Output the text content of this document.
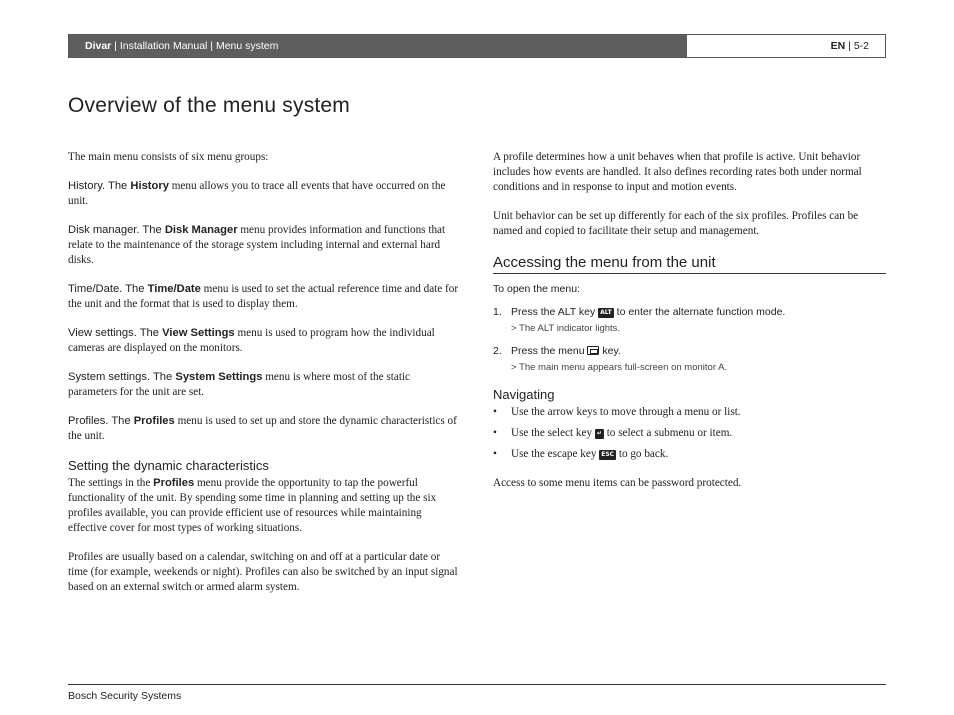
Divar | Installation Manual | Menu system	EN | 5-2
Overview of the menu system

The main menu consists of six menu groups:

History. The History menu allows you to trace all events that have occurred on the unit.

Disk manager. The Disk Manager menu provides information and functions that relate to the maintenance of the storage system including internal and external hard disks.

Time/Date. The Time/Date menu is used to set the actual reference time and date for the unit and the format that is used to display them.

View settings. The View Settings menu is used to program how the individual cameras are displayed on the monitors.

System settings. The System Settings menu is where most of the static parameters for the unit are set.

Profiles. The Profiles menu is used to set up and store the dynamic characteristics of the unit.

Setting the dynamic characteristics

The settings in the Profiles menu provide the opportunity to tap the powerful functionality of the unit. By spending some time in planning and setting up the six profiles available, you can provide efficient use of resources while maintaining effective cover for most types of working situations.

Profiles are usually based on a calendar, switching on and off at a particular date or time (for example, weekends or night). Profiles can also be switched by an input signal based on an external switch or armed alarm system.

A profile determines how a unit behaves when that profile is active. Unit behavior includes how events are handled. It also defines recording rates both under normal conditions and in response to input and motion events.

Unit behavior can be set up differently for each of the six profiles. Profiles can be named and copied to facilitate their setup and management.

Accessing the menu from the unit
To open the menu:
1. Press the ALT key ALT to enter the alternate function mode.
> The ALT indicator lights.
2. Press the menu  key.
> The main menu appears full-screen on monitor A.
Navigating
•	Use the arrow keys to move through a menu or list.
•	Use the select key ↵ to select a submenu or item.
•	Use the escape key ESC to go back.

Access to some menu items can be password protected.

Bosch Security Systems
